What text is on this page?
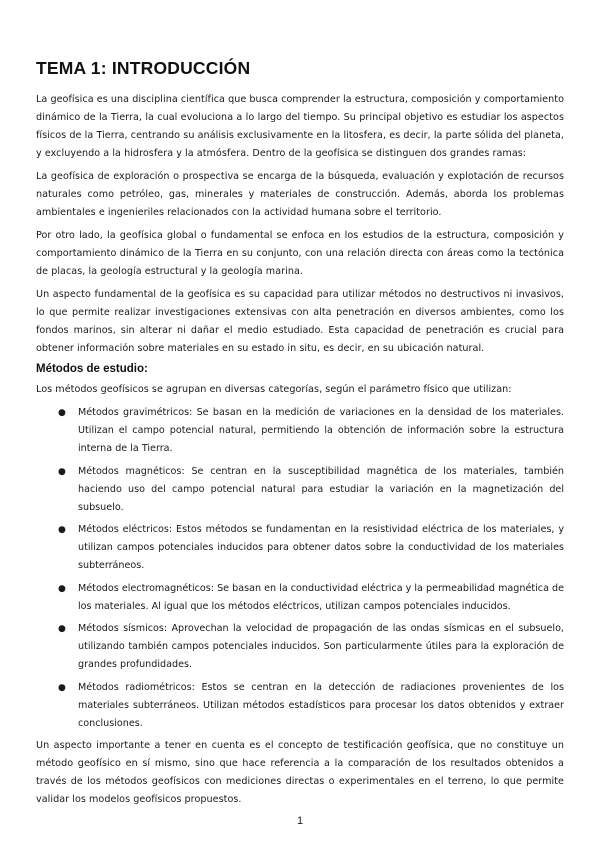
TEMA 1: INTRODUCCIÓN

La geofísica es una disciplina científica que busca comprender la estructura, composición y comportamiento dinámico de la Tierra, la cual evoluciona a lo largo del tiempo. Su principal objetivo es estudiar los aspectos físicos de la Tierra, centrando su análisis exclusivamente en la litosfera, es decir, la parte sólida del planeta, y excluyendo a la hidrosfera y la atmósfera. Dentro de la geofísica se distinguen dos grandes ramas:

La geofísica de exploración o prospectiva se encarga de la búsqueda, evaluación y explotación de recursos naturales como petróleo, gas, minerales y materiales de construcción. Además, aborda los problemas ambientales e ingenieriles relacionados con la actividad humana sobre el territorio.

Por otro lado, la geofísica global o fundamental se enfoca en los estudios de la estructura, composición y comportamiento dinámico de la Tierra en su conjunto, con una relación directa con áreas como la tectónica de placas, la geología estructural y la geología marina.

Un aspecto fundamental de la geofísica es su capacidad para utilizar métodos no destructivos ni invasivos, lo que permite realizar investigaciones extensivas con alta penetración en diversos ambientes, como los fondos marinos, sin alterar ni dañar el medio estudiado. Esta capacidad de penetración es crucial para obtener información sobre materiales en su estado in situ, es decir, en su ubicación natural.

Métodos de estudio:

Los métodos geofísicos se agrupan en diversas categorías, según el parámetro físico que utilizan:

● Métodos gravimétricos: Se basan en la medición de variaciones en la densidad de los materiales. Utilizan el campo potencial natural, permitiendo la obtención de información sobre la estructura interna de la Tierra.
● Métodos magnéticos: Se centran en la susceptibilidad magnética de los materiales, también haciendo uso del campo potencial natural para estudiar la variación en la magnetización del subsuelo.
● Métodos eléctricos: Estos métodos se fundamentan en la resistividad eléctrica de los materiales, y utilizan campos potenciales inducidos para obtener datos sobre la conductividad de los materiales subterráneos.
● Métodos electromagnéticos: Se basan en la conductividad eléctrica y la permeabilidad magnética de los materiales. Al igual que los métodos eléctricos, utilizan campos potenciales inducidos.
● Métodos sísmicos: Aprovechan la velocidad de propagación de las ondas sísmicas en el subsuelo, utilizando también campos potenciales inducidos. Son particularmente útiles para la exploración de grandes profundidades.
● Métodos radiométricos: Estos se centran en la detección de radiaciones provenientes de los materiales subterráneos. Utilizan métodos estadísticos para procesar los datos obtenidos y extraer conclusiones.

Un aspecto importante a tener en cuenta es el concepto de testificación geofísica, que no constituye un método geofísico en sí mismo, sino que hace referencia a la comparación de los resultados obtenidos a través de los métodos geofísicos con mediciones directas o experimentales en el terreno, lo que permite validar los modelos geofísicos propuestos.

1
